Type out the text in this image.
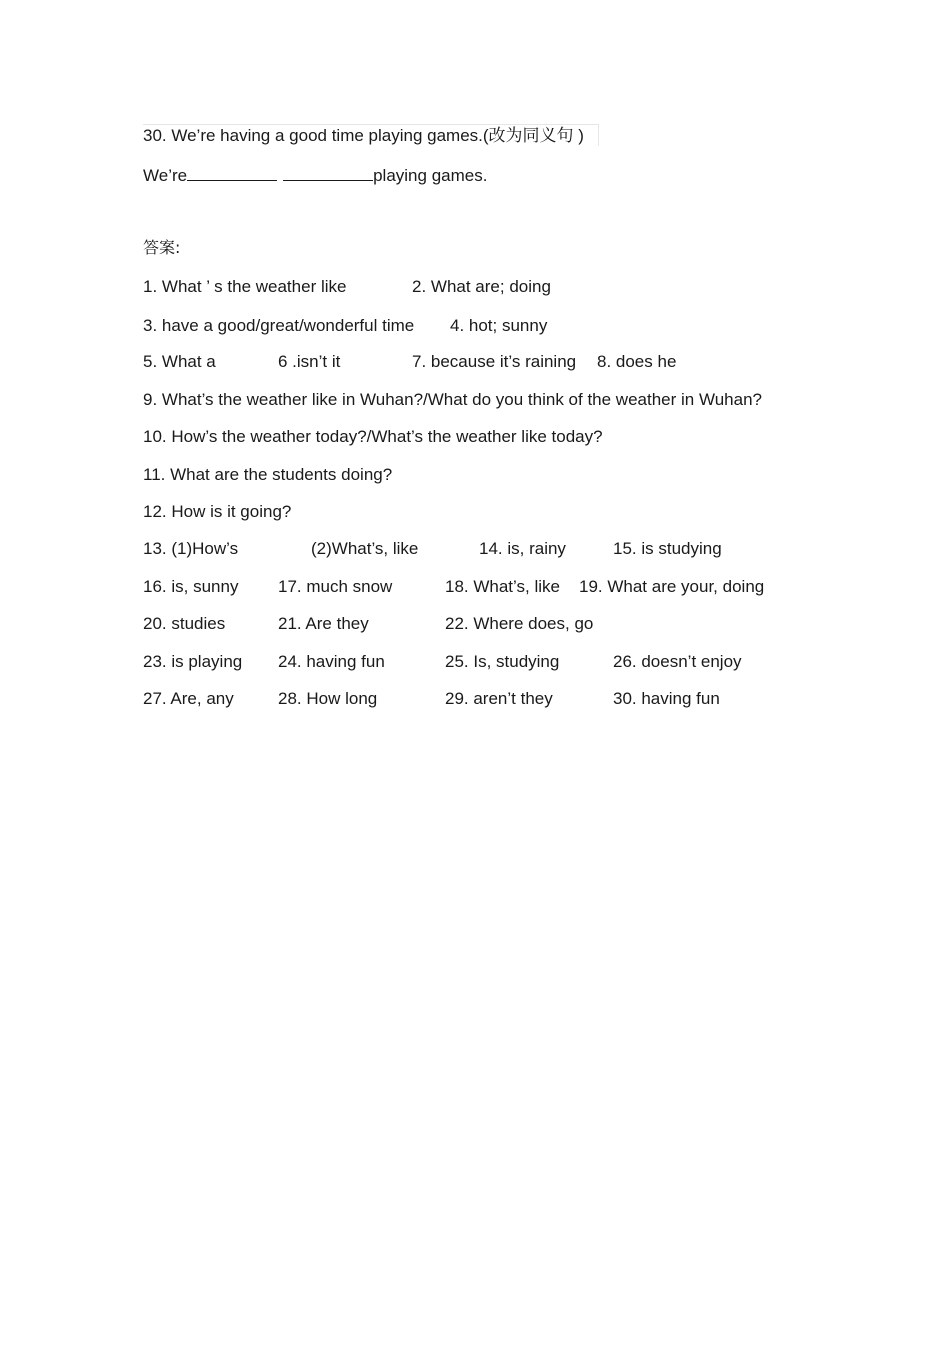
30. We’re having a good time playing games.(改为同义句 )
We’re	playing games.
答案:
1. What ’ s the weather like	2. What are; doing
3. have a good/great/wonderful time 4. hot; sunny
5. What a	6 .isn’t it	7. because it’s raining 8. does he
9. What’s the weather like in Wuhan?/What do you think of the weather in Wuhan?
10. How’s the weather today?/What’s the weather like today?
11. What are the students doing?
12. How is it going?
13. (1)How’s	(2)What’s, like	14. is, rainy	15. is studying
16. is, sunny 17. much snow	18. What’s, like 19. What are your, doing
20. studies	21. Are they	22. Where does, go
23. is playing 24. having fun	25. Is, studying	26. doesn’t enjoy
27. Are, any	28. How long	29. aren’t they	30. having fun
